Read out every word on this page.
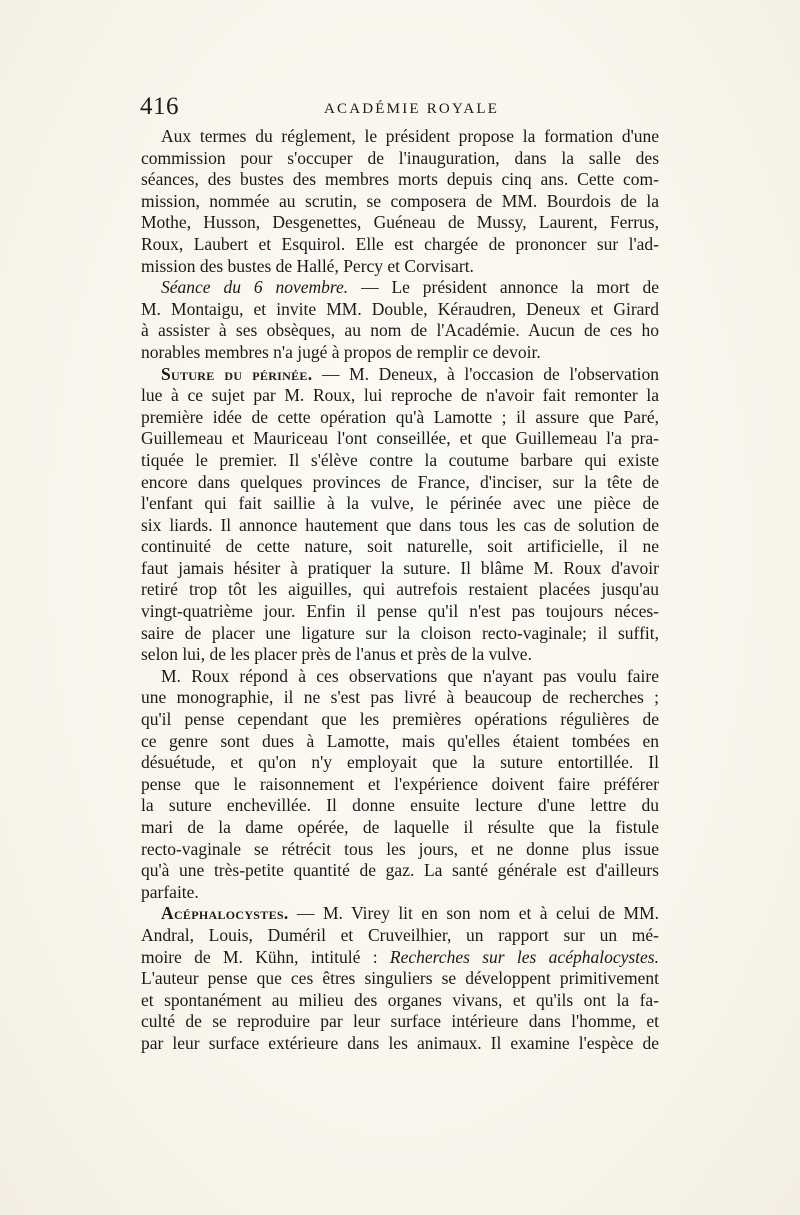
416	ACADÉMIE ROYALE
Aux termes du réglement, le président propose la formation d'une
commission pour s'occuper de l'inauguration, dans la salle des
séances, des bustes des membres morts depuis cinq ans. Cette com-
mission, nommée au scrutin, se composera de MM. Bourdois de la
Mothe, Husson, Desgenettes, Guéneau de Mussy, Laurent, Ferrus,
Roux, Laubert et Esquirol. Elle est chargée de prononcer sur l'ad-
mission des bustes de Hallé, Percy et Corvisart.
Séance du 6 novembre. — Le président annonce la mort de
M. Montaigu, et invite MM. Double, Kéraudren, Deneux et Girard
à assister à ses obsèques, au nom de l'Académie. Aucun de ces ho
norables membres n'a jugé à propos de remplir ce devoir.
Suture du périnée. — M. Deneux, à l'occasion de l'observation
lue à ce sujet par M. Roux, lui reproche de n'avoir fait remonter la
première idée de cette opération qu'à Lamotte ; il assure que Paré,
Guillemeau et Mauriceau l'ont conseillée, et que Guillemeau l'a pra-
tiquée le premier. Il s'élève contre la coutume barbare qui existe
encore dans quelques provinces de France, d'inciser, sur la tête de
l'enfant qui fait saillie à la vulve, le périnée avec une pièce de
six liards. Il annonce hautement que dans tous les cas de solution de
continuité de cette nature, soit naturelle, soit artificielle, il ne
faut jamais hésiter à pratiquer la suture. Il blâme M. Roux d'avoir
retiré trop tôt les aiguilles, qui autrefois restaient placées jusqu'au
vingt-quatrième jour. Enfin il pense qu'il n'est pas toujours néces-
saire de placer une ligature sur la cloison recto-vaginale; il suffit,
selon lui, de les placer près de l'anus et près de la vulve.
M. Roux répond à ces observations que n'ayant pas voulu faire
une monographie, il ne s'est pas livré à beaucoup de recherches ;
qu'il pense cependant que les premières opérations régulières de
ce genre sont dues à Lamotte, mais qu'elles étaient tombées en
désuétude, et qu'on n'y employait que la suture entortillée. Il
pense que le raisonnement et l'expérience doivent faire préférer
la suture enchevillée. Il donne ensuite lecture d'une lettre du
mari de la dame opérée, de laquelle il résulte que la fistule
recto-vaginale se rétrécit tous les jours, et ne donne plus issue
qu'à une très-petite quantité de gaz. La santé générale est d'ailleurs
parfaite.
Acéphalocystes. — M. Virey lit en son nom et à celui de MM.
Andral, Louis, Duméril et Cruveilhier, un rapport sur un mé-
moire de M. Kühn, intitulé : Recherches sur les acéphalocystes.
L'auteur pense que ces êtres singuliers se développent primitivement
et spontanément au milieu des organes vivans, et qu'ils ont la fa-
culté de se reproduire par leur surface intérieure dans l'homme, et
par leur surface extérieure dans les animaux. Il examine l'espèce de
